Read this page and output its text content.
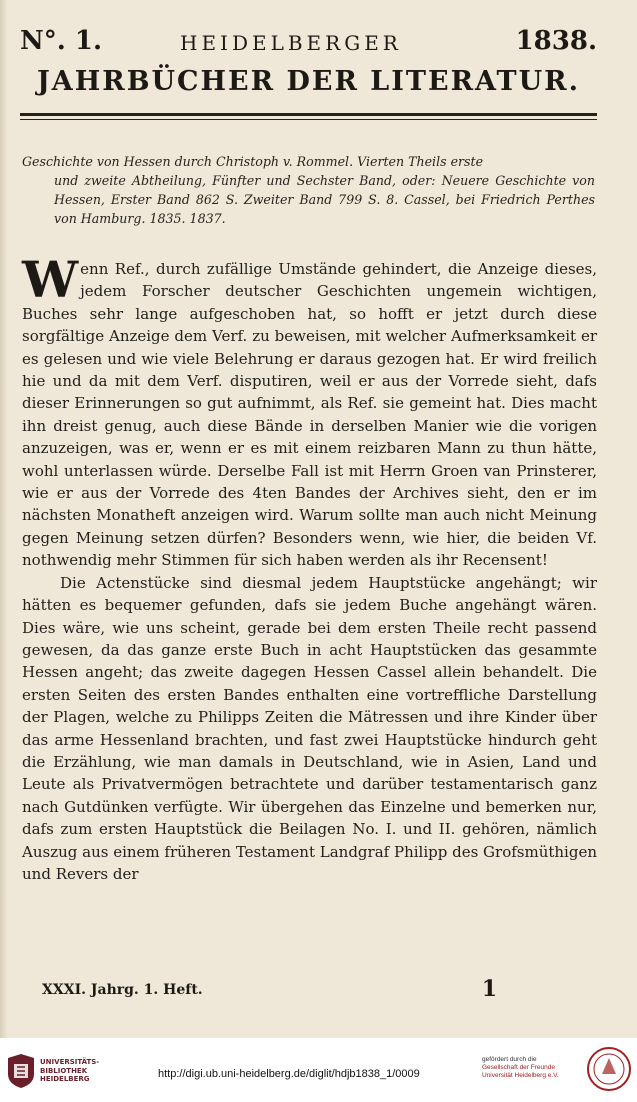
N°. 1.	HEIDELBERGER	1838.
JAHRBÜCHER DER LITERATUR.
Geschichte von Hessen durch Christoph v. Rommel. Vierten Theils erste
und zweite Abtheilung, Fünfter und Sechster Band, oder: Neuere Geschichte von Hessen, Erster Band 862 S. Zweiter Band 799 S. 8. Cassel, bei Friedrich Perthes von Hamburg. 1835. 1837.

Wenn Ref., durch zufällige Umstände gehindert, die Anzeige dieses, jedem Forscher deutscher Geschichten ungemein wichtigen, Buches sehr lange aufgeschoben hat, so hofft er jetzt durch diese sorgfältige Anzeige dem Verf. zu beweisen, mit welcher Aufmerksamkeit er es gelesen und wie viele Belehrung er daraus gezogen hat. Er wird freilich hie und da mit dem Verf. disputiren, weil er aus der Vorrede sieht, dafs dieser Erinnerungen so gut aufnimmt, als Ref. sie gemeint hat. Dies macht ihn dreist genug, auch diese Bände in derselben Manier wie die vorigen anzuzeigen, was er, wenn er es mit einem reizbaren Mann zu thun hätte, wohl unterlassen würde. Derselbe Fall ist mit Herrn Groen van Prinsterer, wie er aus der Vorrede des 4ten Bandes der Archives sieht, den er im nächsten Monatheft anzeigen wird. Warum sollte man auch nicht Meinung gegen Meinung setzen dürfen? Besonders wenn, wie hier, die beiden Vf. nothwendig mehr Stimmen für sich haben werden als ihr Recensent!

Die Actenstücke sind diesmal jedem Hauptstücke angehängt; wir hätten es bequemer gefunden, dafs sie jedem Buche angehängt wären. Dies wäre, wie uns scheint, gerade bei dem ersten Theile recht passend gewesen, da das ganze erste Buch in acht Hauptstücken das gesammte Hessen angeht; das zweite dagegen Hessen Cassel allein behandelt. Die ersten Seiten des ersten Bandes enthalten eine vortreffliche Darstellung der Plagen, welche zu Philipps Zeiten die Mätressen und ihre Kinder über das arme Hessenland brachten, und fast zwei Hauptstücke hindurch geht die Erzählung, wie man damals in Deutschland, wie in Asien, Land und Leute als Privatvermögen betrachtete und darüber testamentarisch ganz nach Gutdünken verfügte. Wir übergehen das Einzelne und bemerken nur, dafs zum ersten Hauptstück die Beilagen No. I. und II. gehören, nämlich Auszug aus einem früheren Testament Landgraf Philipp des Grofsmüthigen und Revers der

XXXI. Jahrg. 1. Heft.	1
UNIVERSITÄTS-
BIBLIOTHEK
HEIDELBERG	http://digi.ub.uni-heidelberg.de/diglit/hdjb1838_1/0009
gefördert durch die
Gesellschaft der Freunde
Universität Heidelberg e.V.
